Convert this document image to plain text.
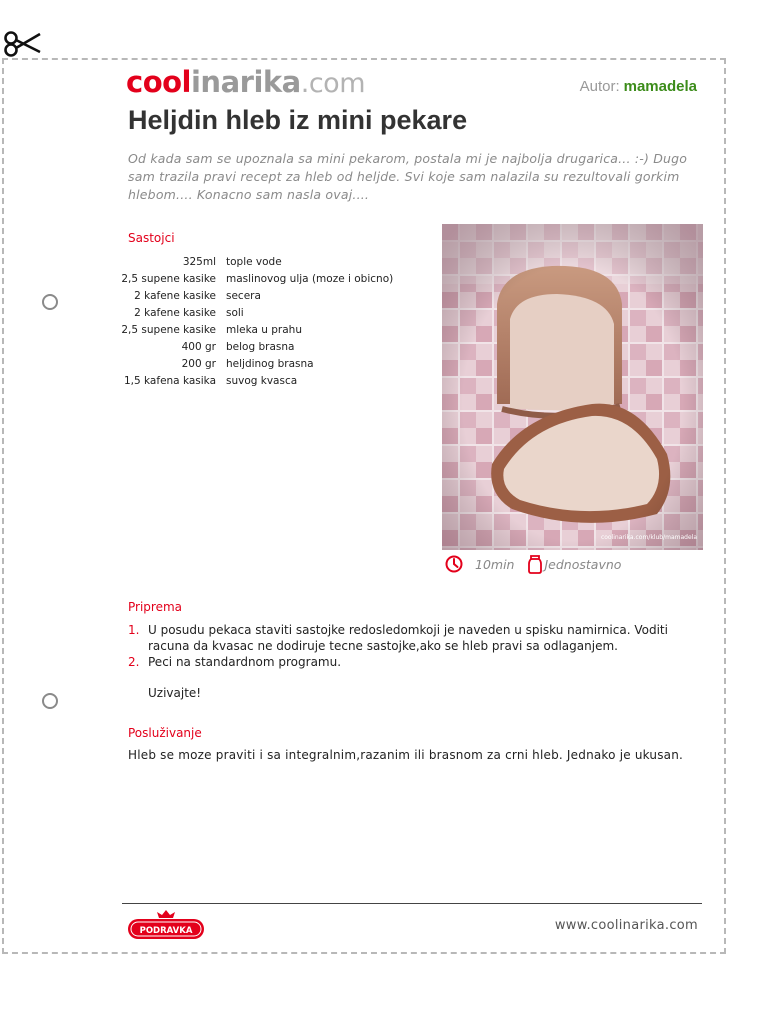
coolinarika.com	Autor: mamadela
Heljdin hleb iz mini pekare

Od kada sam se upoznala sa mini pekarom, postala mi je najbolja drugarica... :-) Dugo sam trazila pravi recept za hleb od heljde. Svi koje sam nalazila su rezultovali gorkim hlebom.... Konacno sam nasla ovaj....

Sastojci
325ml	tople vode
2,5 supene kasike	maslinovog ulja (moze i obicno)
2 kafene kasike	secera
2 kafene kasike	soli
2,5 supene kasike	mleka u prahu
400 gr	belog brasna
200 gr	heljdinog brasna
1,5 kafena kasika	suvog kvasca
coolinarika.com/klub/mamadela
10min Jednostavno
Priprema
1. U posudu pekaca staviti sastojke redosledomkoji je naveden u spisku namirnica. Voditi racuna da kvasac ne dodiruje tecne sastojke,ako se hleb pravi sa odlaganjem.
2. Peci na standardnom programu.

Uzivajte!

Posluživanje

Hleb se moze praviti i sa integralnim,razanim ili brasnom za crni hleb. Jednako je ukusan.

PODRAVKA	www.coolinarika.com
